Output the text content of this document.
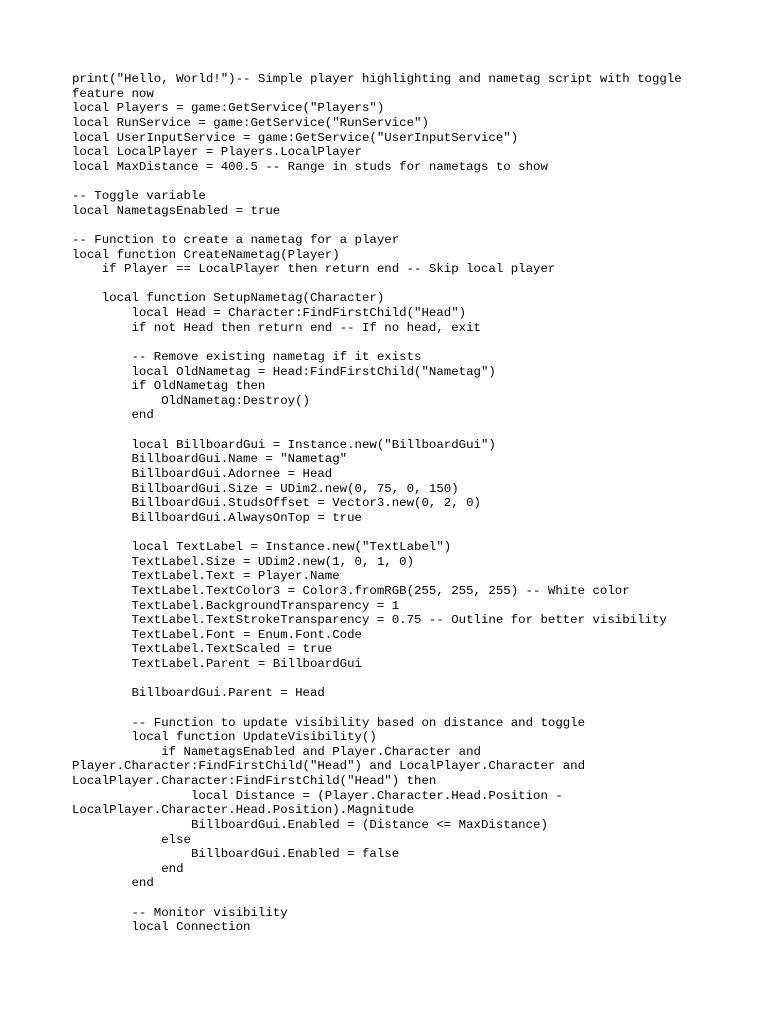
print("Hello, World!")-- Simple player highlighting and nametag script with toggle
feature now
local Players = game:GetService("Players")
local RunService = game:GetService("RunService")
local UserInputService = game:GetService("UserInputService")
local LocalPlayer = Players.LocalPlayer
local MaxDistance = 400.5 -- Range in studs for nametags to show
-- Toggle variable
local NametagsEnabled = true
-- Function to create a nametag for a player
local function CreateNametag(Player)
if Player == LocalPlayer then return end -- Skip local player
local function SetupNametag(Character)
local Head = Character:FindFirstChild("Head")
if not Head then return end -- If no head, exit
-- Remove existing nametag if it exists
local OldNametag = Head:FindFirstChild("Nametag")
if OldNametag then
OldNametag:Destroy()
end
local BillboardGui = Instance.new("BillboardGui")
BillboardGui.Name = "Nametag"
BillboardGui.Adornee = Head
BillboardGui.Size = UDim2.new(0, 75, 0, 150)
BillboardGui.StudsOffset = Vector3.new(0, 2, 0)
BillboardGui.AlwaysOnTop = true
local TextLabel = Instance.new("TextLabel")
TextLabel.Size = UDim2.new(1, 0, 1, 0)
TextLabel.Text = Player.Name
TextLabel.TextColor3 = Color3.fromRGB(255, 255, 255) -- White color
TextLabel.BackgroundTransparency = 1
TextLabel.TextStrokeTransparency = 0.75 -- Outline for better visibility
TextLabel.Font = Enum.Font.Code
TextLabel.TextScaled = true
TextLabel.Parent = BillboardGui
BillboardGui.Parent = Head
-- Function to update visibility based on distance and toggle
local function UpdateVisibility()
if NametagsEnabled and Player.Character and
Player.Character:FindFirstChild("Head") and LocalPlayer.Character and
LocalPlayer.Character:FindFirstChild("Head") then
local Distance = (Player.Character.Head.Position -
LocalPlayer.Character.Head.Position).Magnitude
BillboardGui.Enabled = (Distance <= MaxDistance)
else
BillboardGui.Enabled = false
end
end
-- Monitor visibility
local Connection
